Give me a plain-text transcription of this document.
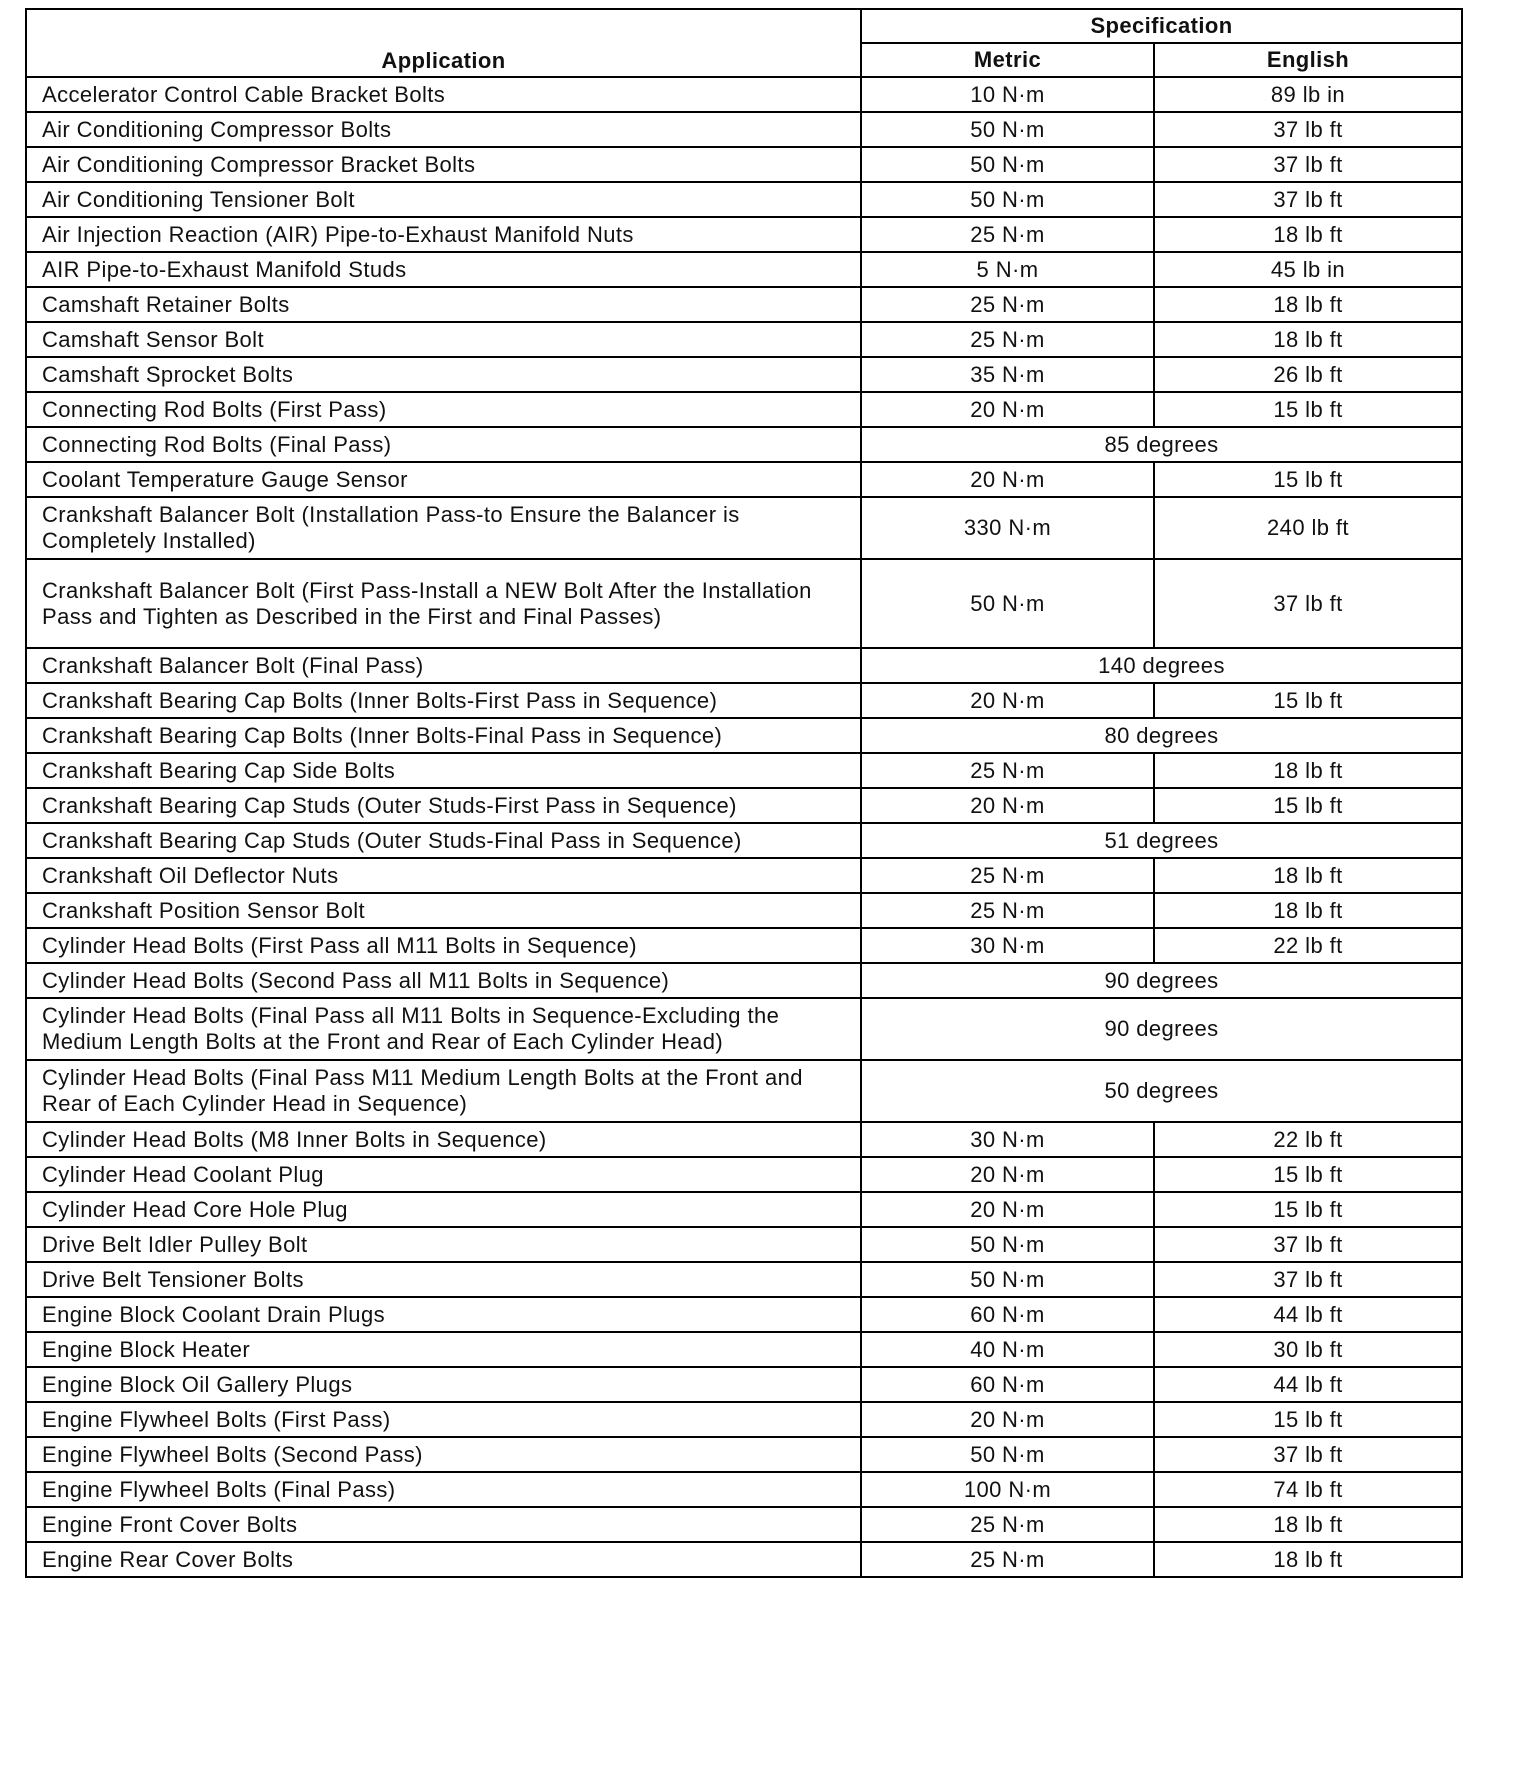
Application	Specification	
	Metric	English
Accelerator Control Cable Bracket Bolts	10 N·m	89 lb in
Air Conditioning Compressor Bolts	50 N·m	37 lb ft
Air Conditioning Compressor Bracket Bolts	50 N·m	37 lb ft
Air Conditioning Tensioner Bolt	50 N·m	37 lb ft
Air Injection Reaction (AIR) Pipe-to-Exhaust Manifold Nuts	25 N·m	18 lb ft
AIR Pipe-to-Exhaust Manifold Studs	5 N·m	45 lb in
Camshaft Retainer Bolts	25 N·m	18 lb ft
Camshaft Sensor Bolt	25 N·m	18 lb ft
Camshaft Sprocket Bolts	35 N·m	26 lb ft
Connecting Rod Bolts (First Pass)	20 N·m	15 lb ft
Connecting Rod Bolts (Final Pass)	85 degrees	
Coolant Temperature Gauge Sensor	20 N·m	15 lb ft
Crankshaft Balancer Bolt (Installation Pass-to Ensure the Balancer is Completely Installed)	330 N·m	240 lb ft
Crankshaft Balancer Bolt (First Pass-Install a NEW Bolt After the Installation Pass and Tighten as Described in the First and Final Passes)	50 N·m	37 lb ft
Crankshaft Balancer Bolt (Final Pass)	140 degrees	
Crankshaft Bearing Cap Bolts (Inner Bolts-First Pass in Sequence)	20 N·m	15 lb ft
Crankshaft Bearing Cap Bolts (Inner Bolts-Final Pass in Sequence)	80 degrees	
Crankshaft Bearing Cap Side Bolts	25 N·m	18 lb ft
Crankshaft Bearing Cap Studs (Outer Studs-First Pass in Sequence)	20 N·m	15 lb ft
Crankshaft Bearing Cap Studs (Outer Studs-Final Pass in Sequence)	51 degrees	
Crankshaft Oil Deflector Nuts	25 N·m	18 lb ft
Crankshaft Position Sensor Bolt	25 N·m	18 lb ft
Cylinder Head Bolts (First Pass all M11 Bolts in Sequence)	30 N·m	22 lb ft
Cylinder Head Bolts (Second Pass all M11 Bolts in Sequence)	90 degrees	
Cylinder Head Bolts (Final Pass all M11 Bolts in Sequence-Excluding the Medium Length Bolts at the Front and Rear of Each Cylinder Head)	90 degrees	
Cylinder Head Bolts (Final Pass M11 Medium Length Bolts at the Front and Rear of Each Cylinder Head in Sequence)	50 degrees	
Cylinder Head Bolts (M8 Inner Bolts in Sequence)	30 N·m	22 lb ft
Cylinder Head Coolant Plug	20 N·m	15 lb ft
Cylinder Head Core Hole Plug	20 N·m	15 lb ft
Drive Belt Idler Pulley Bolt	50 N·m	37 lb ft
Drive Belt Tensioner Bolts	50 N·m	37 lb ft
Engine Block Coolant Drain Plugs	60 N·m	44 lb ft
Engine Block Heater	40 N·m	30 lb ft
Engine Block Oil Gallery Plugs	60 N·m	44 lb ft
Engine Flywheel Bolts (First Pass)	20 N·m	15 lb ft
Engine Flywheel Bolts (Second Pass)	50 N·m	37 lb ft
Engine Flywheel Bolts (Final Pass)	100 N·m	74 lb ft
Engine Front Cover Bolts	25 N·m	18 lb ft
Engine Rear Cover Bolts	25 N·m	18 lb ft
